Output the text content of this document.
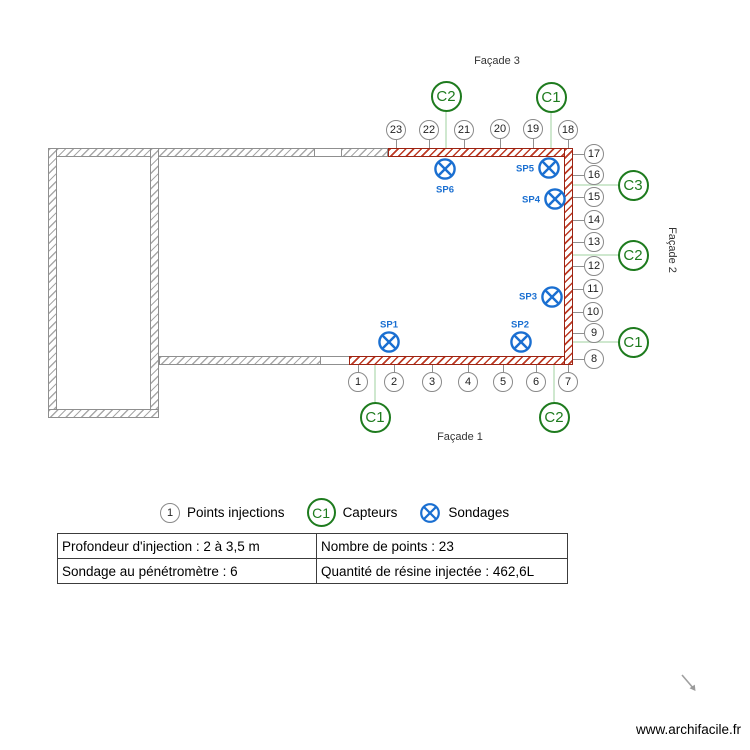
23	22	21	20	19	18
17
16
15
14
13
12
11
10
9
8
1	2	3	4	5	6	7
C2	C1
C3
C2
C1
C1	C2
SP6
SP5
SP4
SP3
SP1	SP2
Façade 3
Façade 1
Façade 2
1	Points injections	C1 Capteurs	Sondages
Profondeur d'injection : 2 à 3,5 m	Nombre de points : 23
Sondage au pénétromètre : 6	Quantité de résine injectée : 462,6L
www.archifacile.fr
